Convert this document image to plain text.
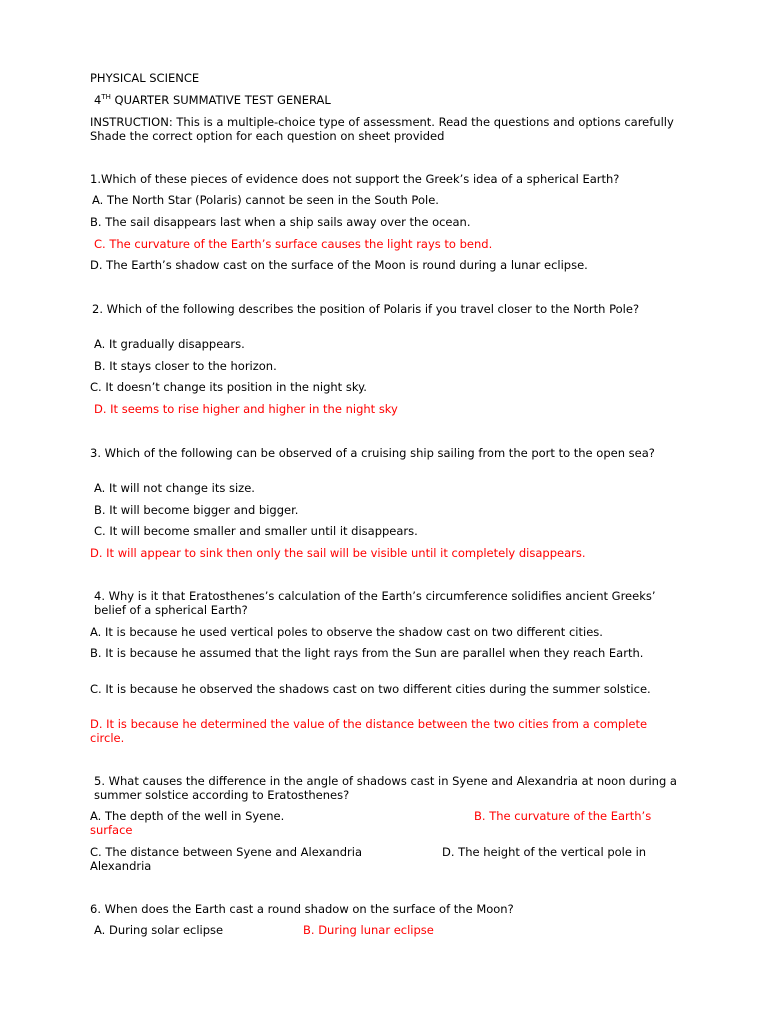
PHYSICAL SCIENCE
4TH QUARTER SUMMATIVE TEST GENERAL
INSTRUCTION: This is a multiple-choice type of assessment. Read the questions and options carefully Shade the correct option for each question on sheet provided
1.Which of these pieces of evidence does not support the Greek’s idea of a spherical Earth?
A. The North Star (Polaris) cannot be seen in the South Pole.
B. The sail disappears last when a ship sails away over the ocean.
C. The curvature of the Earth’s surface causes the light rays to bend.
D. The Earth’s shadow cast on the surface of the Moon is round during a lunar eclipse.
2. Which of the following describes the position of Polaris if you travel closer to the North Pole?
A. It gradually disappears.
B. It stays closer to the horizon.
C. It doesn’t change its position in the night sky.
D. It seems to rise higher and higher in the night sky
3. Which of the following can be observed of a cruising ship sailing from the port to the open sea?
A. It will not change its size.
B. It will become bigger and bigger.
C. It will become smaller and smaller until it disappears.
D. It will appear to sink then only the sail will be visible until it completely disappears.
4. Why is it that Eratosthenes’s calculation of the Earth’s circumference solidifies ancient Greeks’ belief of a spherical Earth?
A. It is because he used vertical poles to observe the shadow cast on two different cities.
B. It is because he assumed that the light rays from the Sun are parallel when they reach Earth.
C. It is because he observed the shadows cast on two different cities during the summer solstice.
D. It is because he determined the value of the distance between the two cities from a complete circle.
5. What causes the difference in the angle of shadows cast in Syene and Alexandria at noon during a summer solstice according to Eratosthenes?
A. The depth of the well in Syene.	B. The curvature of the Earth’s
surface
C. The distance between Syene and Alexandria	D. The height of the vertical pole in
Alexandria
6. When does the Earth cast a round shadow on the surface of the Moon?
A. During solar eclipse	B. During lunar eclipse
